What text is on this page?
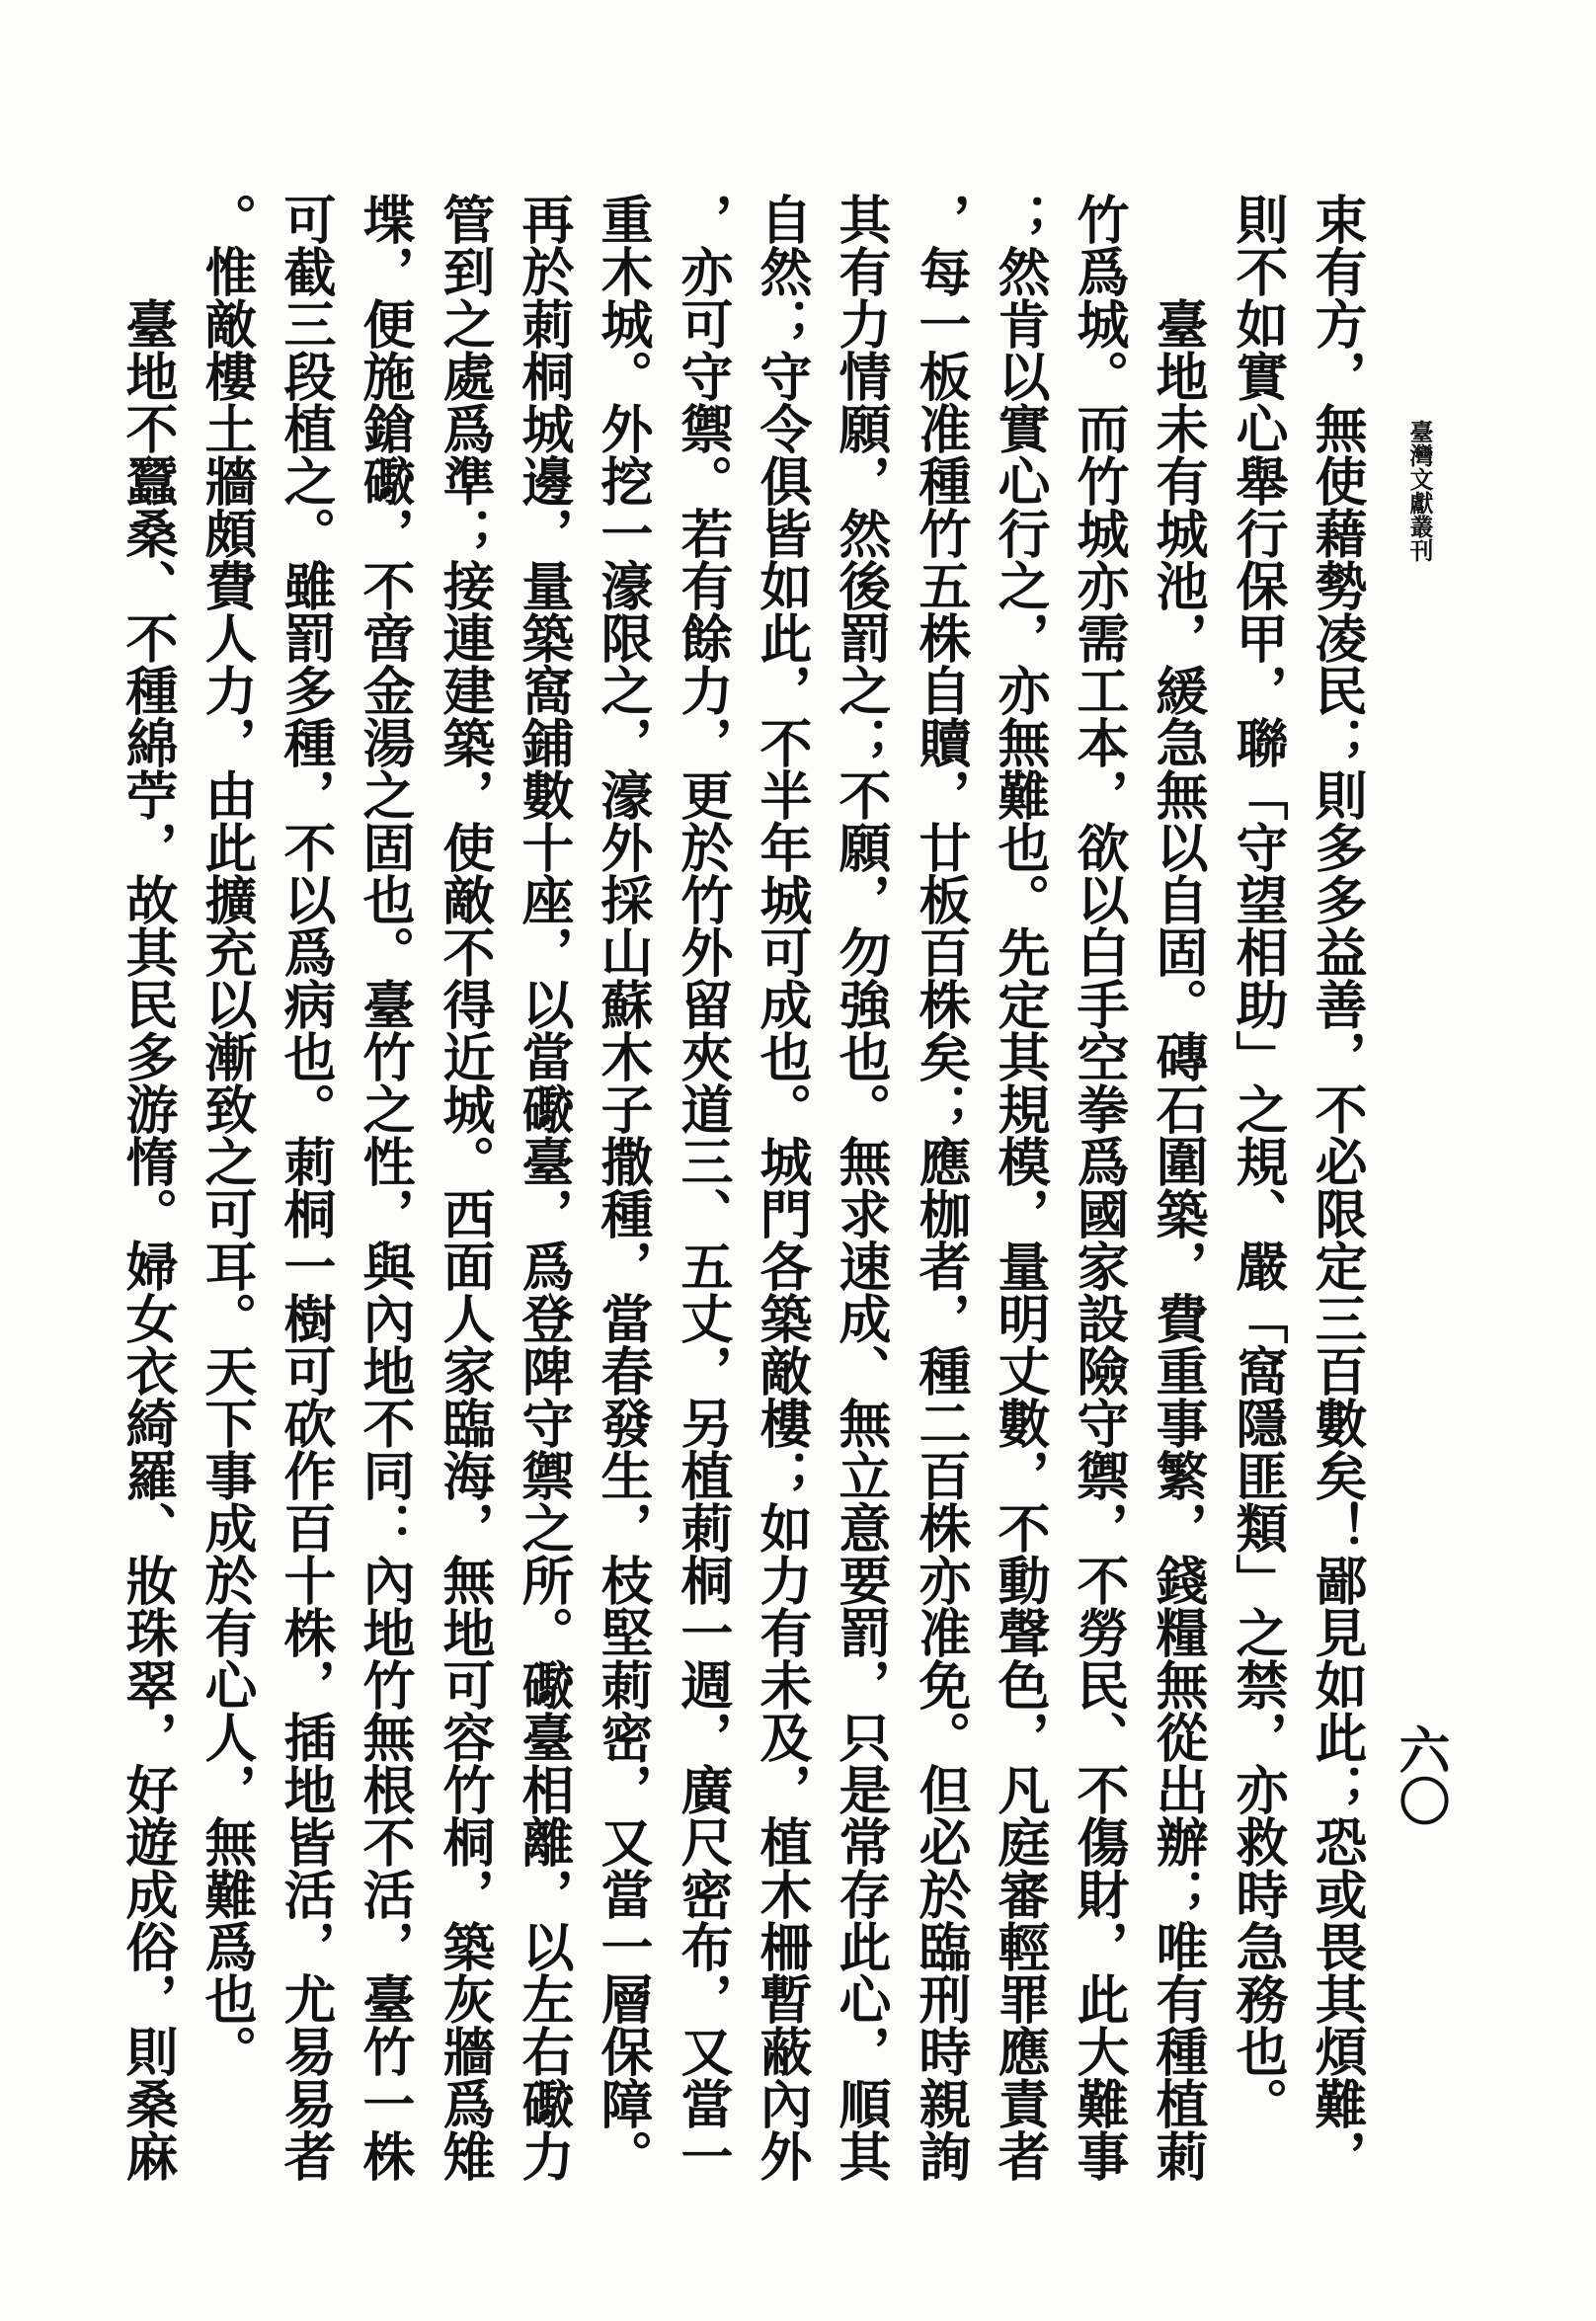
臺灣文獻叢刊
六〇
束有方，無使藉勢凌民；則多多益善，不必限定三百數矣！鄙見如此；恐或畏其煩難，
則不如實心舉行保甲，聯「守望相助」之規、嚴「窩隱匪類」之禁，亦救時急務也。
臺地未有城池，緩急無以自固。磚石圍築，費重事繁，錢糧無從出辦；唯有種植莿
竹爲城。而竹城亦需工本，欲以白手空拳爲國家設險守禦，不勞民、不傷財，此大難事
；然肯以實心行之，亦無難也。先定其規模，量明丈數，不動聲色，凡庭審輕罪應責者
，每一板准種竹五株自贖，廿板百株矣；應枷者，種二百株亦准免。但必於臨刑時親詢
其有力情願，然後罰之；不願，勿強也。無求速成、無立意要罰，只是常存此心，順其
自然；守令俱皆如此，不半年城可成也。城門各築敵樓；如力有未及，植木柵暫蔽內外
，亦可守禦。若有餘力，更於竹外留夾道三、五丈，另植莿桐一週，廣尺密布，又當一
重木城。外挖一濠限之，濠外採山蘇木子撒種，當春發生，枝堅莿密，又當一層保障。
再於莿桐城邊，量築窩鋪數十座，以當礮臺，爲登陴守禦之所。礮臺相離，以左右礮力
管到之處爲準；接連建築，使敵不得近城。西面人家臨海，無地可容竹桐，築灰牆爲雉
堞，便施鎗礮，不啻金湯之固也。臺竹之性，與內地不同：內地竹無根不活，臺竹一株
可截三段植之。雖罰多種，不以爲病也。莿桐一樹可砍作百十株，插地皆活，尤易易者
。惟敵樓土牆頗費人力，由此擴充以漸致之可耳。天下事成於有心人，無難爲也。
臺地不蠶桑、不種綿苧，故其民多游惰。婦女衣綺羅、妝珠翠，好遊成俗，則桑麻
